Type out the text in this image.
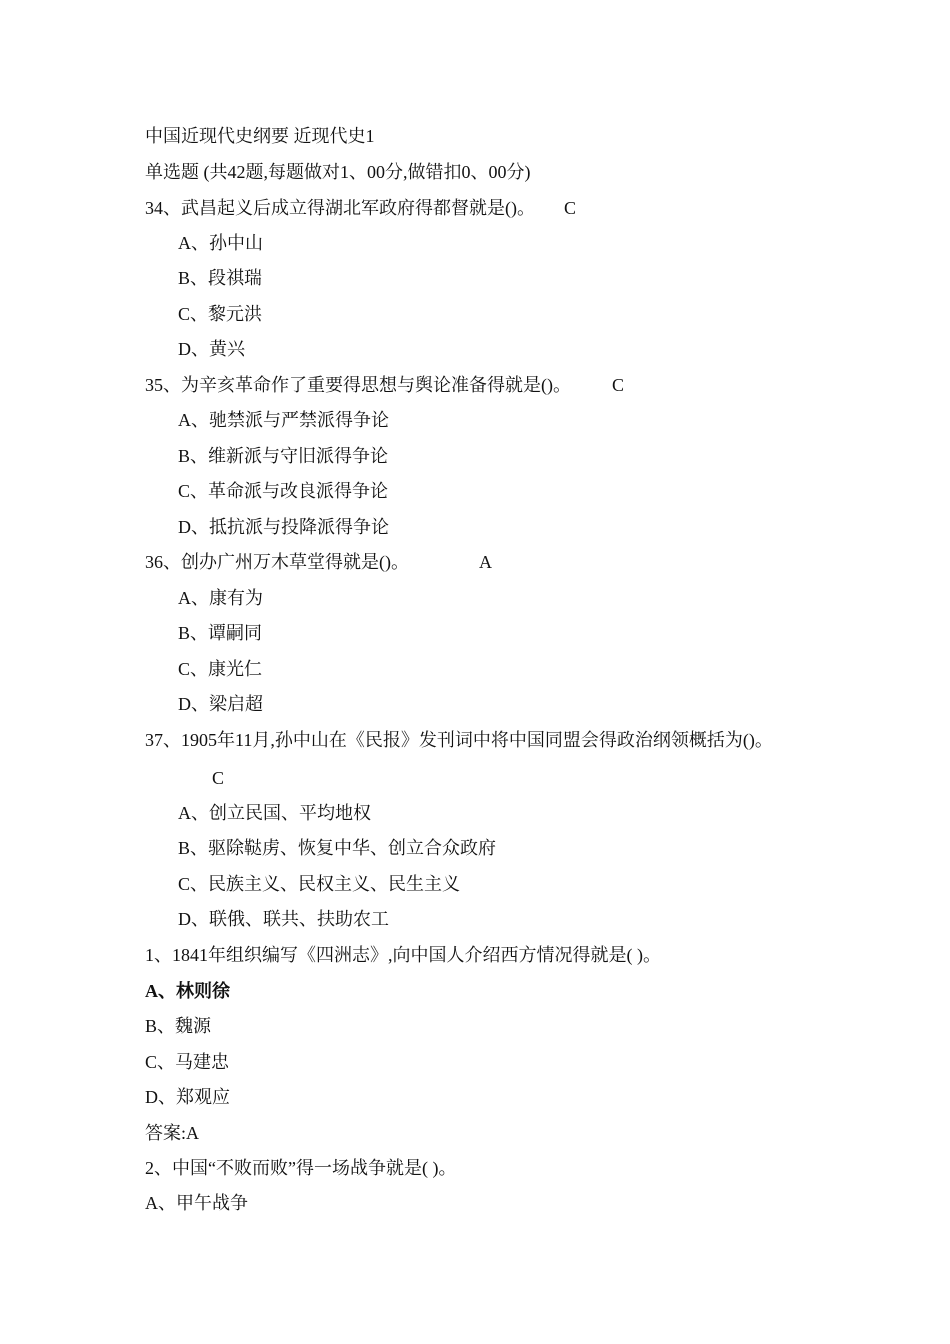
中国近现代史纲要 近现代史1
单选题 (共42题,每题做对1、00分,做错扣0、00分)
34、武昌起义后成立得湖北军政府得都督就是()。 C
A、孙中山
B、段祺瑞
C、黎元洪
D、黄兴
35、为辛亥革命作了重要得思想与舆论准备得就是()。 C
A、驰禁派与严禁派得争论
B、维新派与守旧派得争论
C、革命派与改良派得争论
D、抵抗派与投降派得争论
36、创办广州万木草堂得就是()。	A
A、康有为
B、谭嗣同
C、康光仁
D、梁启超
37、1905年11月,孙中山在《民报》发刊词中将中国同盟会得政治纲领概括为()。
C
A、创立民国、平均地权
B、驱除鞑虏、恢复中华、创立合众政府
C、民族主义、民权主义、民生主义
D、联俄、联共、扶助农工
1、1841年组织编写《四洲志》,向中国人介绍西方情况得就是( )。
A、林则徐
B、魏源
C、马建忠
D、郑观应
答案:A
2、中国“不败而败”得一场战争就是( )。
A、甲午战争
